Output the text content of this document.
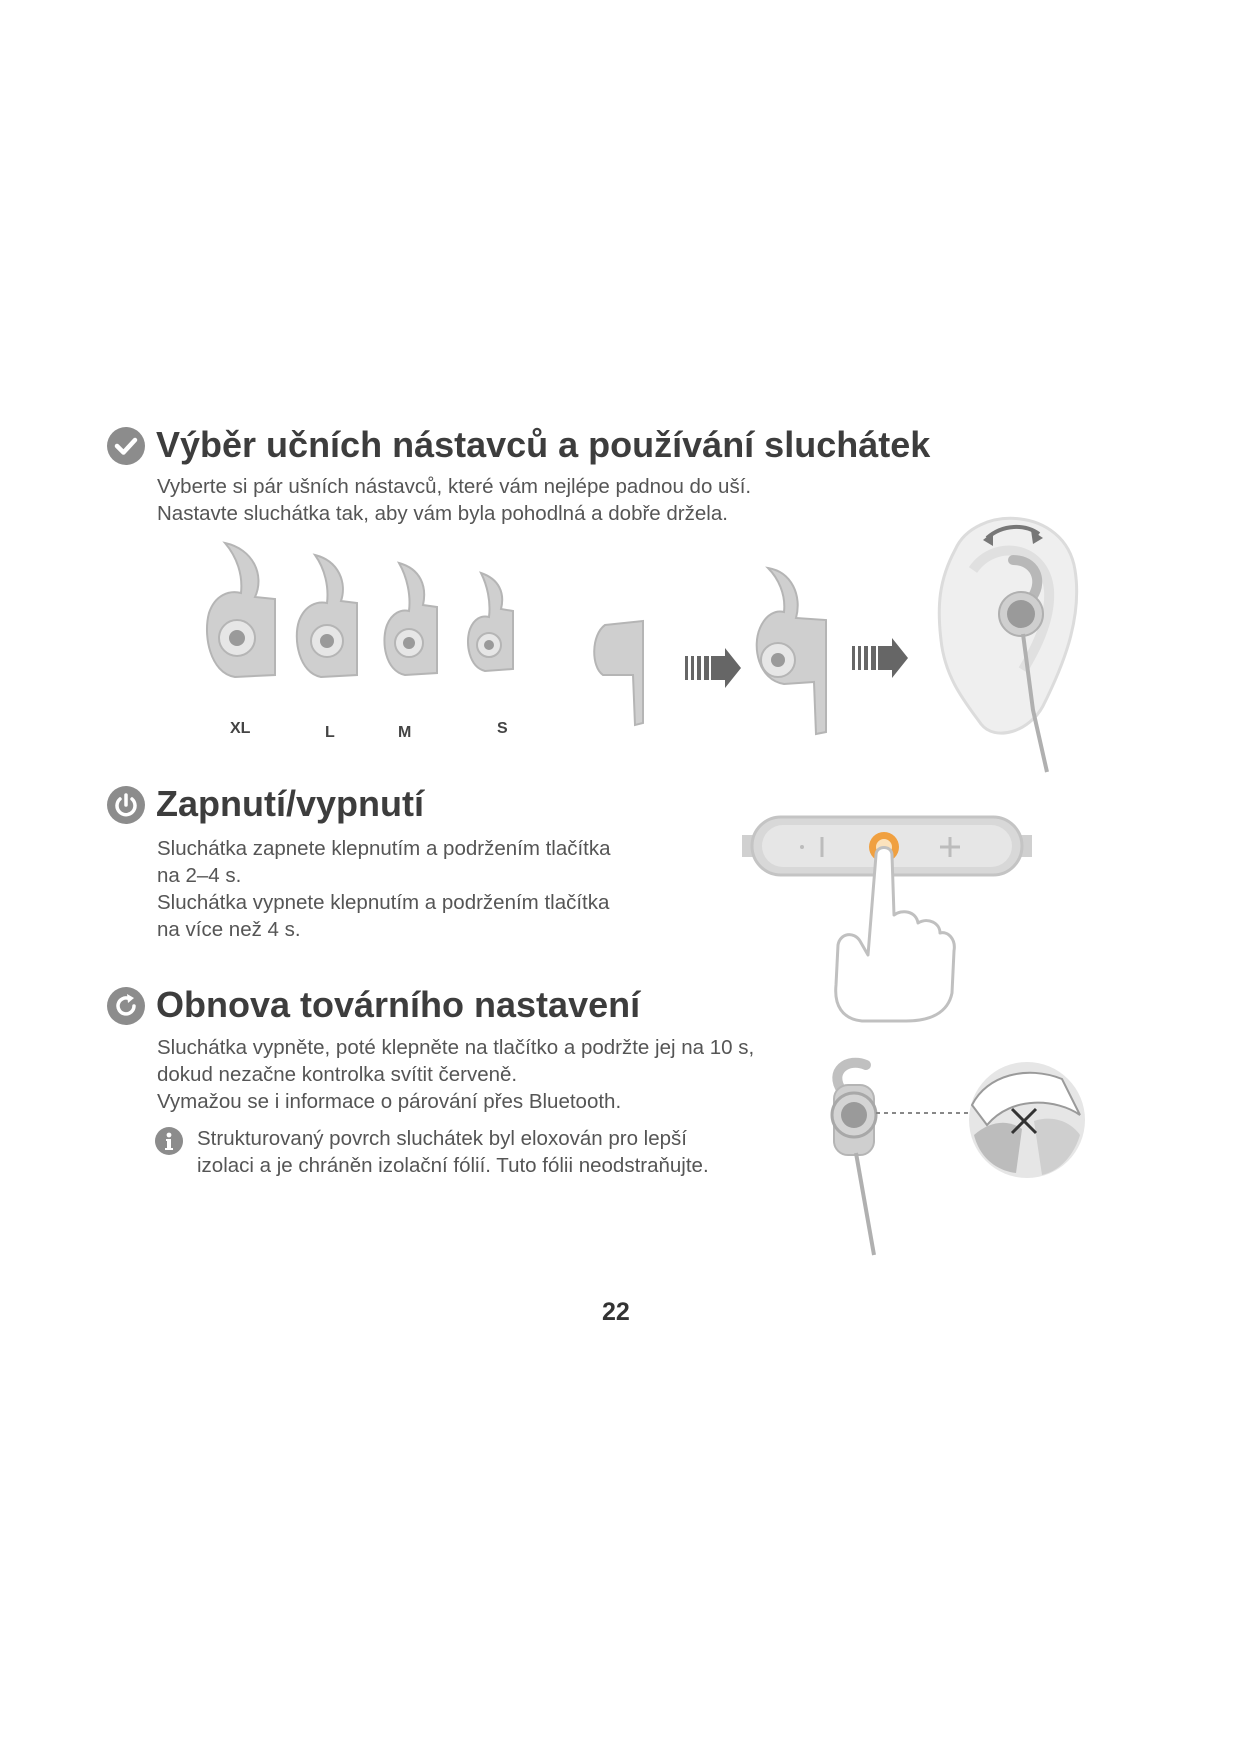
Výběr učních nástavců a používání sluchátek
Vyberte si pár ušních nástavců, které vám nejlépe padnou do uší.
Nastavte sluchátka tak, aby vám byla pohodlná a dobře držela.
XL	L	M	S
Zapnutí/vypnutí
Sluchátka zapnete klepnutím a podržením tlačítka
na 2–4 s.
Sluchátka vypnete klepnutím a podržením tlačítka
na více než 4 s.
Obnova továrního nastavení
Sluchátka vypněte, poté klepněte na tlačítko a podržte jej na 10 s,
dokud nezačne kontrolka svítit červeně.
Vymažou se i informace o párování přes Bluetooth.
Strukturovaný povrch sluchátek byl eloxován pro lepší
izolaci a je chráněn izolační fólií. Tuto fólii neodstraňujte.
22
